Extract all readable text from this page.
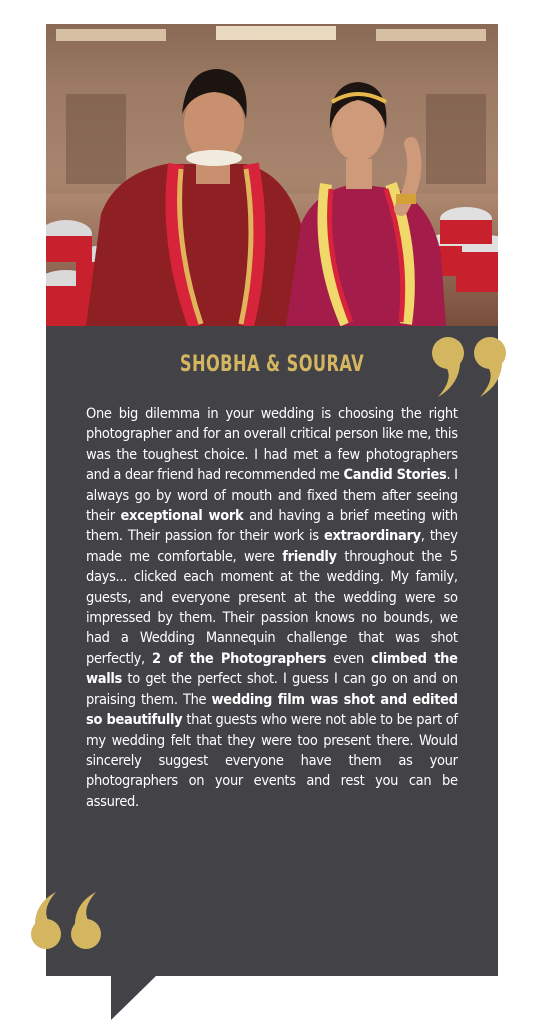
SHOBHA & SOURAV
One big dilemma in your wedding is choosing the right photographer and for an overall critical person like me, this was the toughest choice. I had met a few photographers and a dear friend had recommended me Candid Stories. I always go by word of mouth and fixed them after seeing their exceptional work and having a brief meeting with them. Their passion for their work is extraordinary, they made me comfortable, were friendly throughout the 5 days... clicked each moment at the wedding. My family, guests, and everyone present at the wedding were so impressed by them. Their passion knows no bounds, we had a Wedding Mannequin challenge that was shot perfectly, 2 of the Photographers even climbed the walls to get the perfect shot. I guess I can go on and on praising them. The wedding film was shot and edited so beautifully that guests who were not able to be part of my wedding felt that they were too present there. Would sincerely suggest everyone have them as your photographers on your events and rest you can be assured.
